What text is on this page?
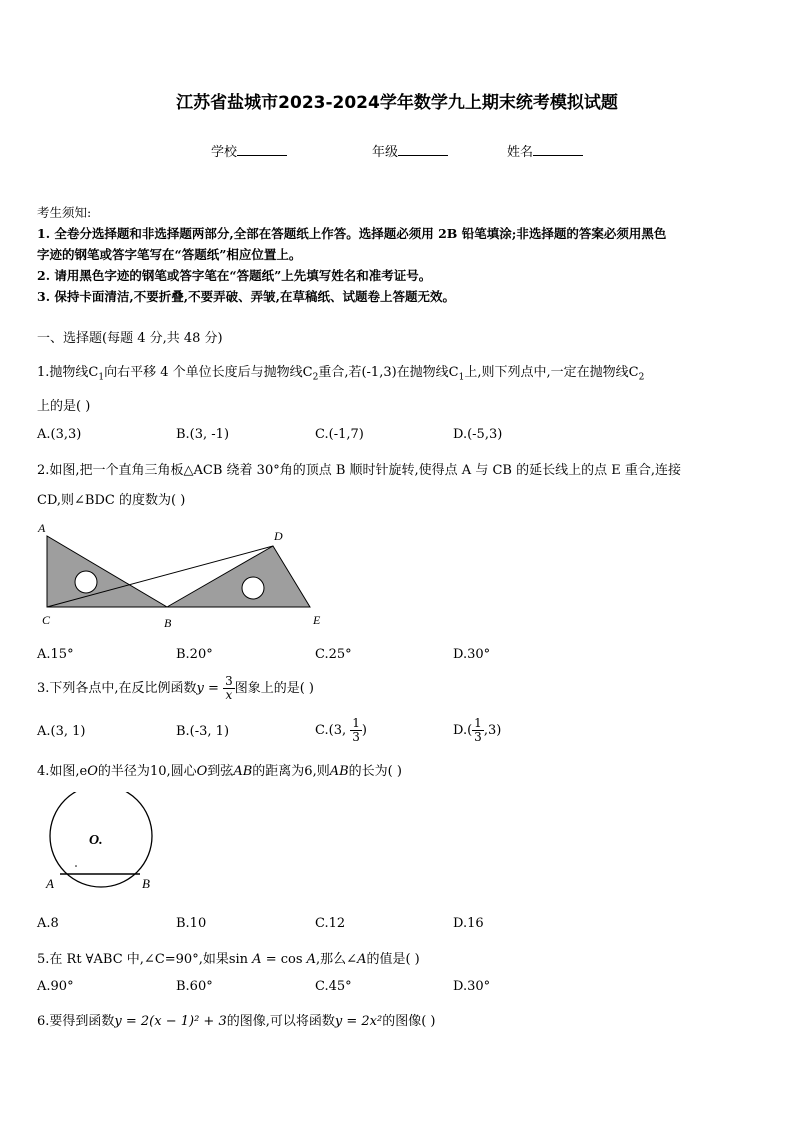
江苏省盐城市2023-2024学年数学九上期末统考模拟试题
学校	年级	姓名
考生须知:
1. 全卷分选择题和非选择题两部分,全部在答题纸上作答。选择题必须用 2B 铅笔填涂;非选择题的答案必须用黑色
字迹的钢笔或答字笔写在“答题纸”相应位置上。
2. 请用黑色字迹的钢笔或答字笔在“答题纸”上先填写姓名和准考证号。
3. 保持卡面清洁,不要折叠,不要弄破、弄皱,在草稿纸、试题卷上答题无效。
一、选择题(每题 4 分,共 48 分)
1.抛物线$C_1$向右平移 4 个单位长度后与抛物线$C_2$重合,若(-1,3)在抛物线$C_1$上,则下列点中,一定在抛物线$C_2$
上的是( )
A.(3,3)	B.(3, -1)	C.(-1,7)	D.(-5,3)
2.如图,把一个直角三角板△ACB 绕着 30°角的顶点 B 顺时针旋转,使得点 A 与 CB 的延长线上的点 E 重合,连接
CD,则∠BDC 的度数为( )
A
C	B
D
E
A.15°	B.20°	C.25°	D.30°
3.下列各点中,在反比例函数$y = \frac{3}{x}$ 图象上的是( )
A.(3, 1)	B.(-3, 1)	C.(3, $\frac{1}{3}$ )	$D.( \frac{1}{3} ,3)$
4.如图,eO的半径为10,圆心O到弦AB的距离为6,则AB的长为( )
O.
A	B
A.8	B.10	C.12	D.16
5.在 Rt ∀ABC 中,∠C=90°,如果sin A = cos A,那么∠A的值是( )
A.90°	B.60°	C.45°	D.30°
6.要得到函数y = 2(x − 1)² + 3的图像,可以将函数y = 2x²的图像( )
